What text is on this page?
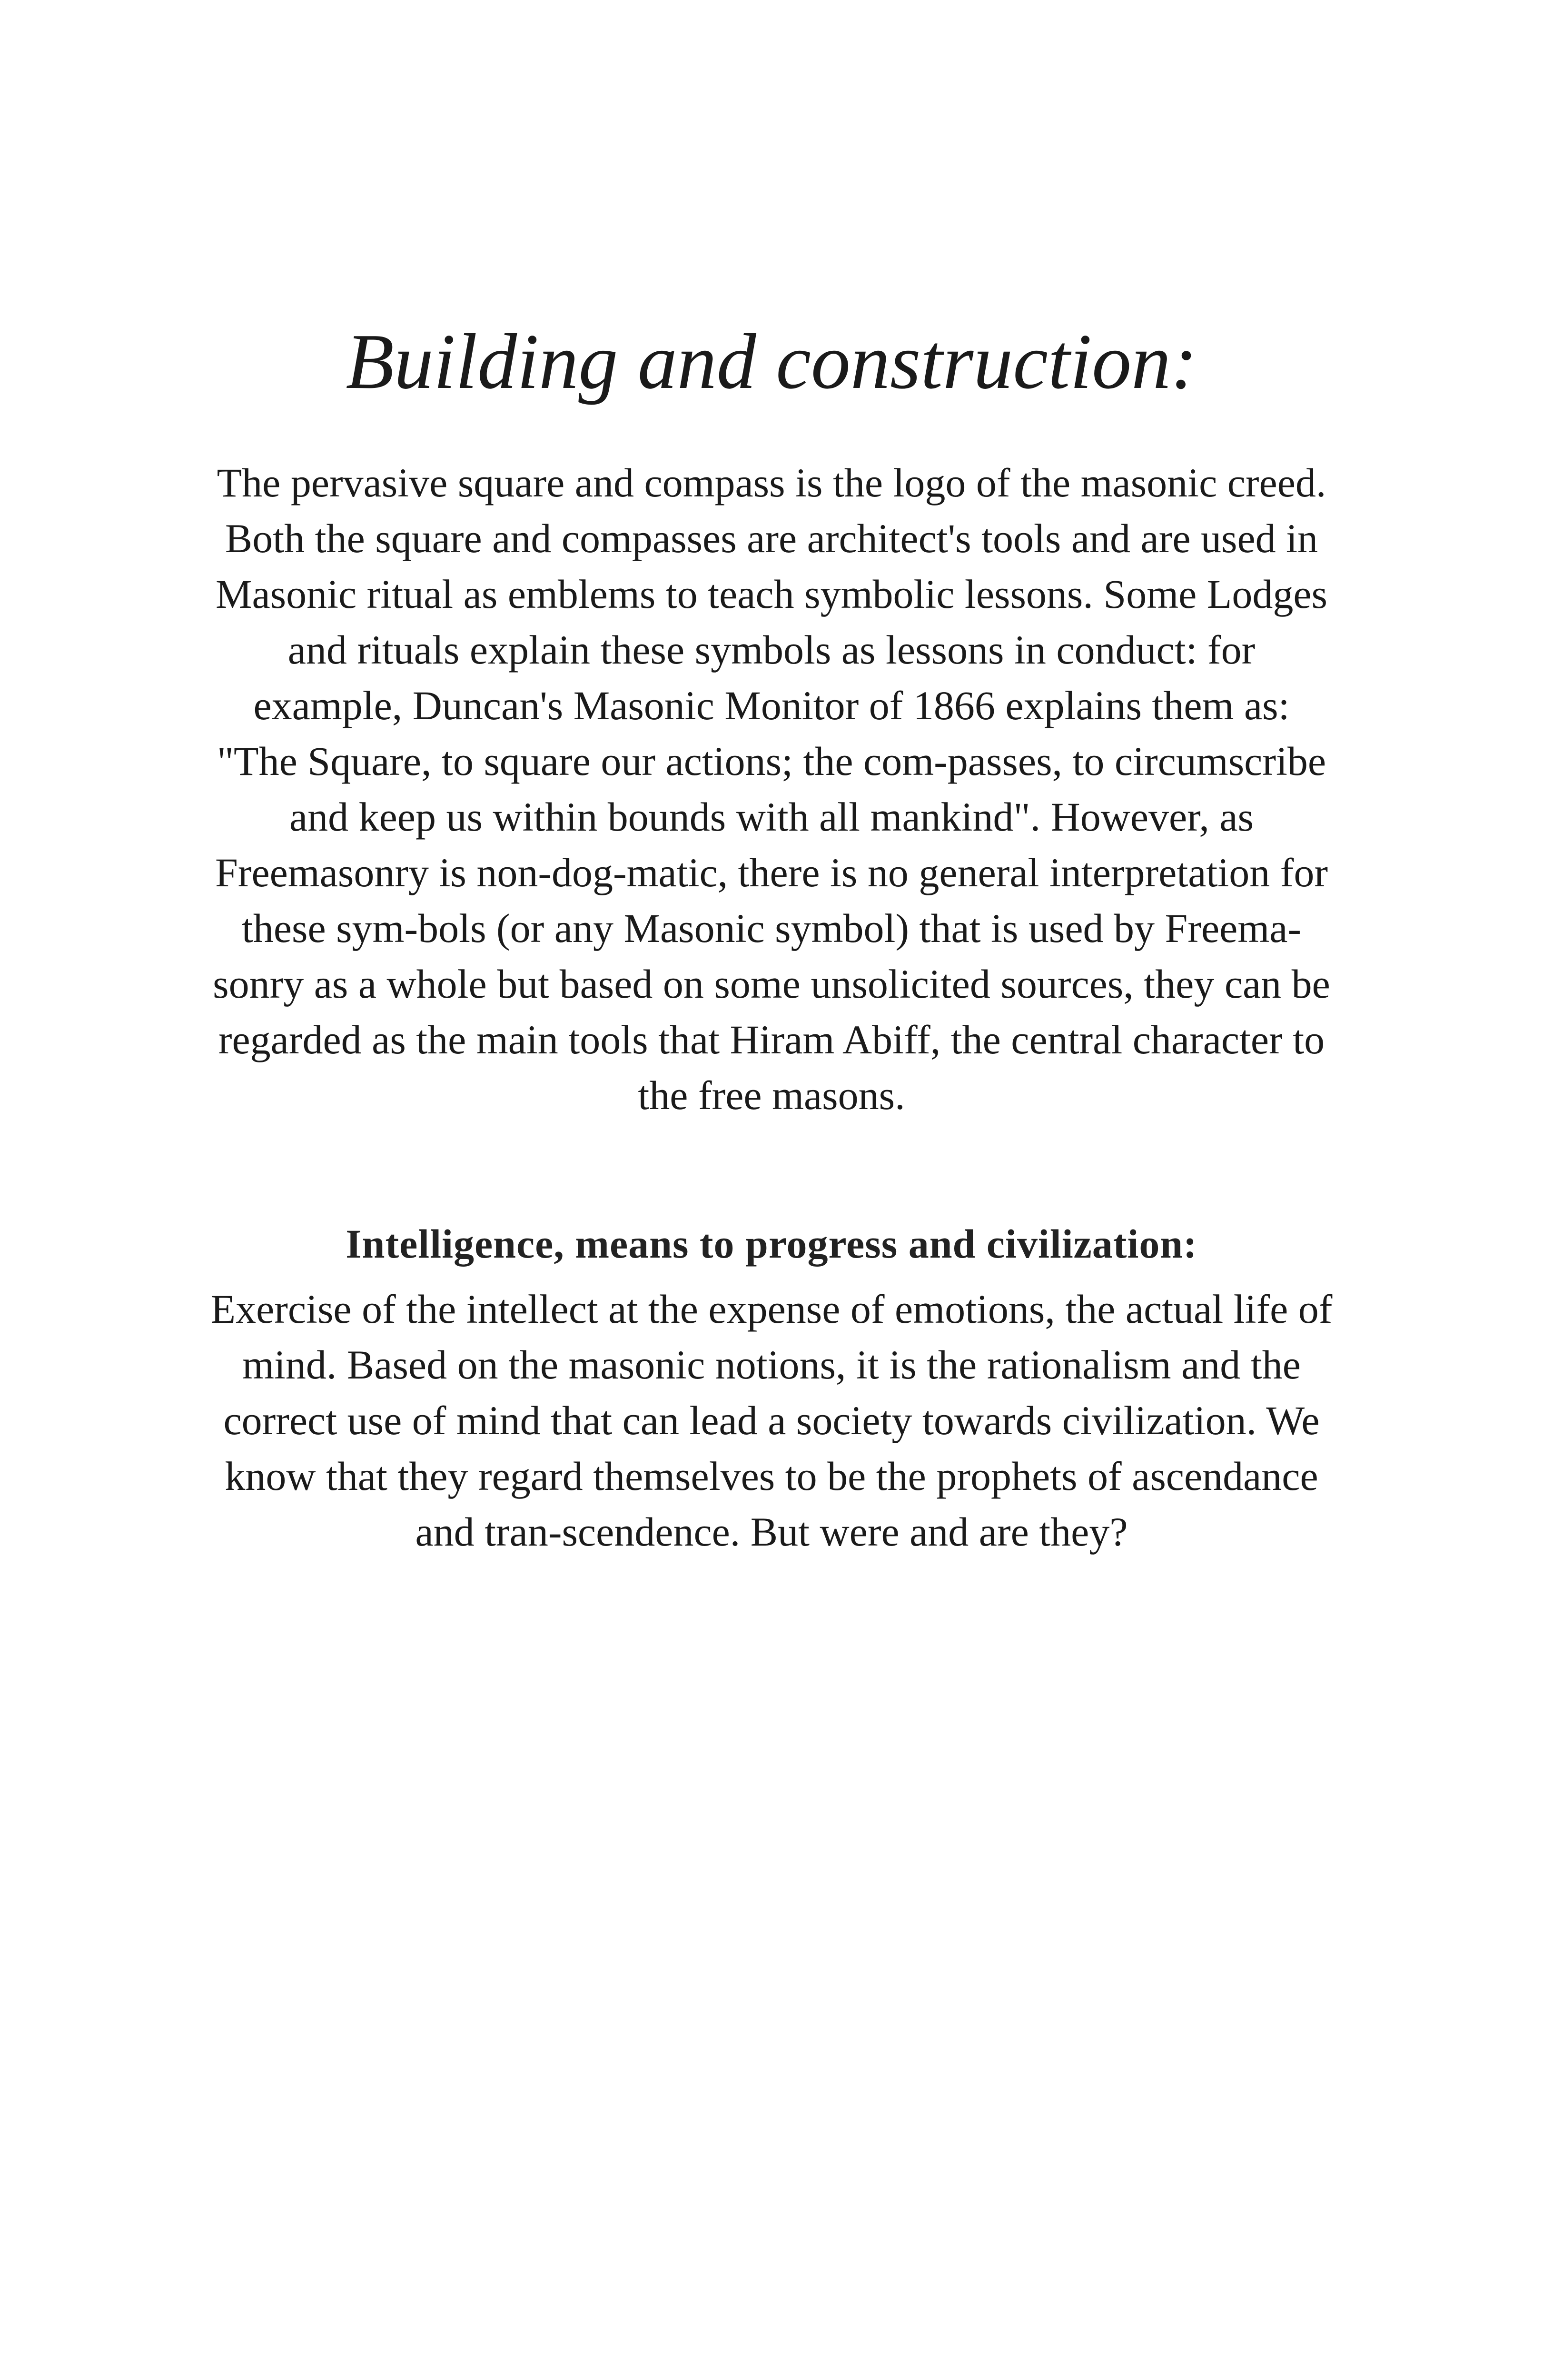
Building and construction:

The pervasive square and compass is the logo of the masonic creed. Both the square and compasses are architect's tools and are used in Masonic ritual as emblems to teach symbolic lessons. Some Lodges and rituals explain these symbols as lessons in conduct: for example, Duncan's Masonic Monitor of 1866 explains them as: "The Square, to square our actions; the com-passes, to circumscribe and keep us within bounds with all mankind". However, as Freemasonry is non-dog-matic, there is no general interpretation for these sym-bols (or any Masonic symbol) that is used by Freema-sonry as a whole but based on some unsolicited sources, they can be regarded as the main tools that Hiram Abiff, the central character to the free masons.

Intelligence, means to progress and civilization:

Exercise of the intellect at the expense of emotions, the actual life of mind. Based on the masonic notions, it is the rationalism and the correct use of mind that can lead a society towards civilization. We know that they regard themselves to be the prophets of ascendance and tran-scendence. But were and are they?
